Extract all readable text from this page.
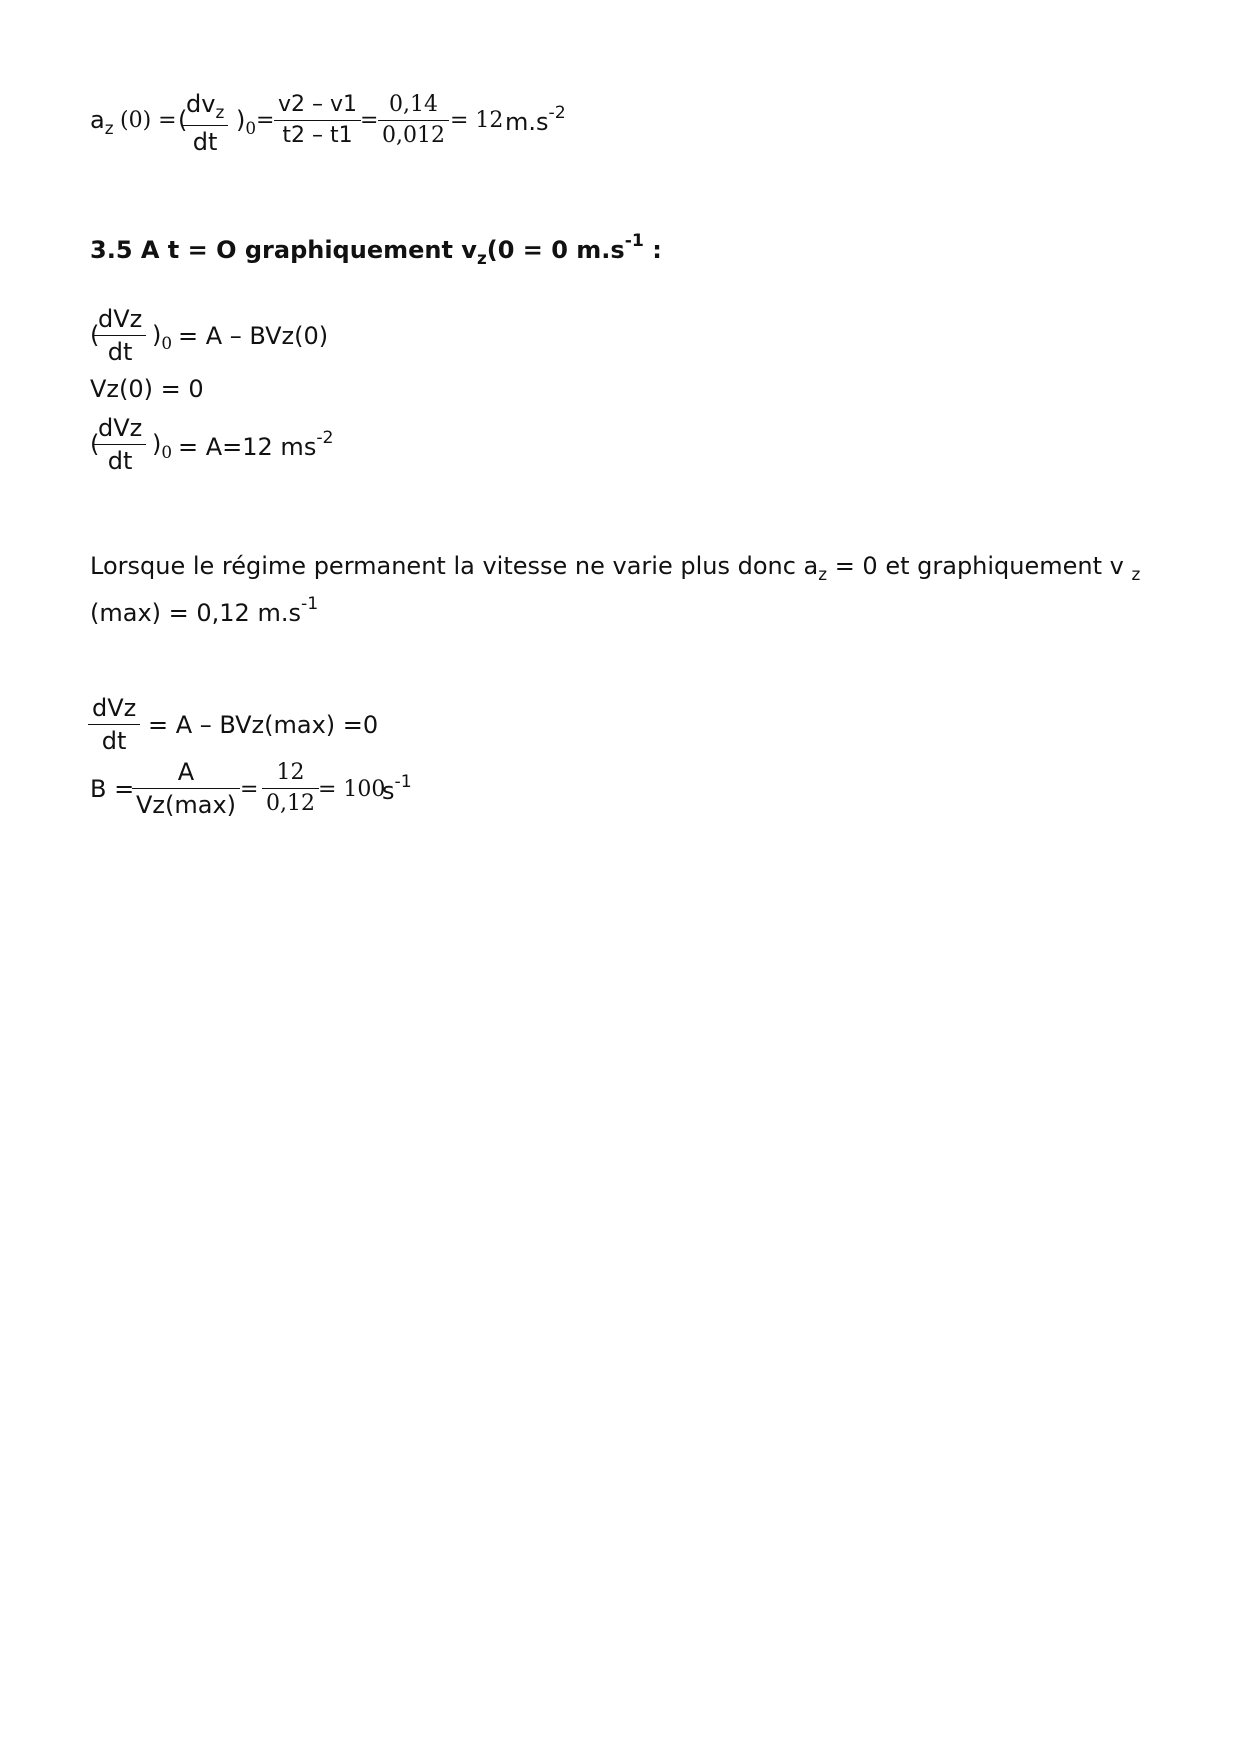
$a_z$ (0) = (
$dv_z$
dt
)$_0 = \frac{v2 - v1}{t2 - t1}$
= $\frac{0,14}{0,012} = 12$ $m.s^{-2}$
3.5 A t = O graphiquement $v_z(0 = 0$ $m.s^{-1}$ :
(
dVz
dt
)$_0 = A - BVz(0)$
Vz(0) = 0
(
dVz
dt
)$_0 = A=12$ $ms^{-2}$
Lorsque le régime permanent la vitesse ne varie plus donc $a_z = 0$ et graphiquement v $_z$ (max) = 0,12 $m.s^{-1}$
dVz
dt
= A – BVz(max) =0
B =
A
Vz(max)
= $\frac{12}{0,12} = 100$
$s^{-1}$
